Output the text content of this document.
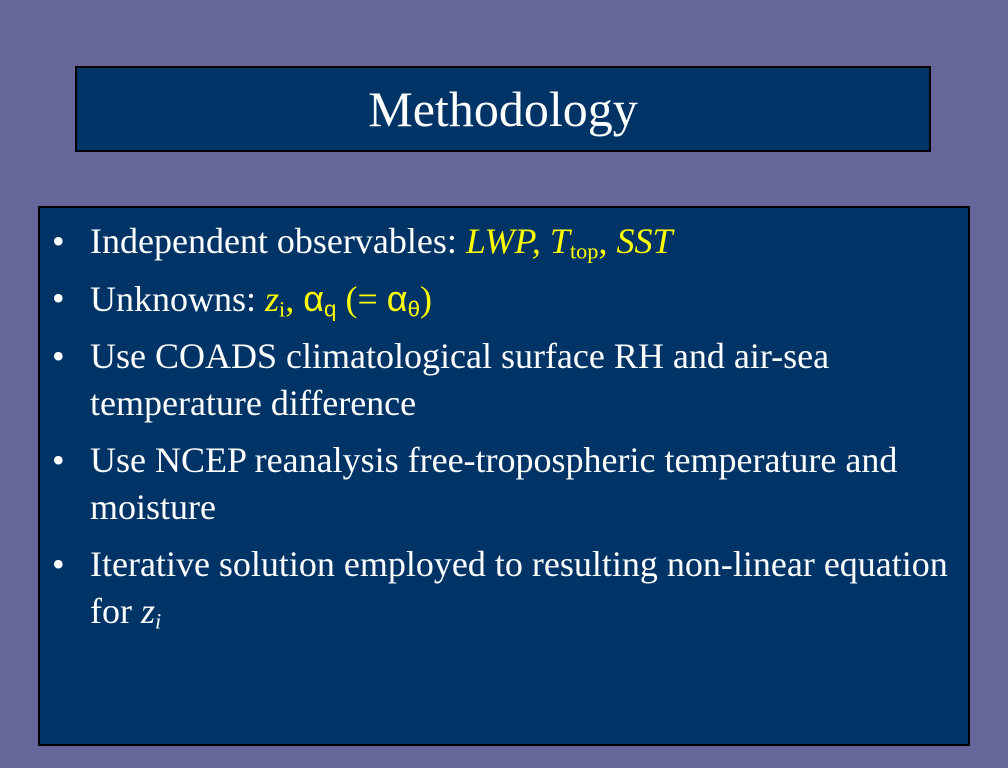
Methodology
• Independent observables: LWP, $T_{top}$, SST
• Unknowns: $z_i$, $\alpha_q$ (= $\alpha_\theta$)
• Use COADS climatological surface RH and air-sea temperature difference
• Use NCEP reanalysis free-tropospheric temperature and moisture
• Iterative solution employed to resulting non-linear equation for $z_i$
